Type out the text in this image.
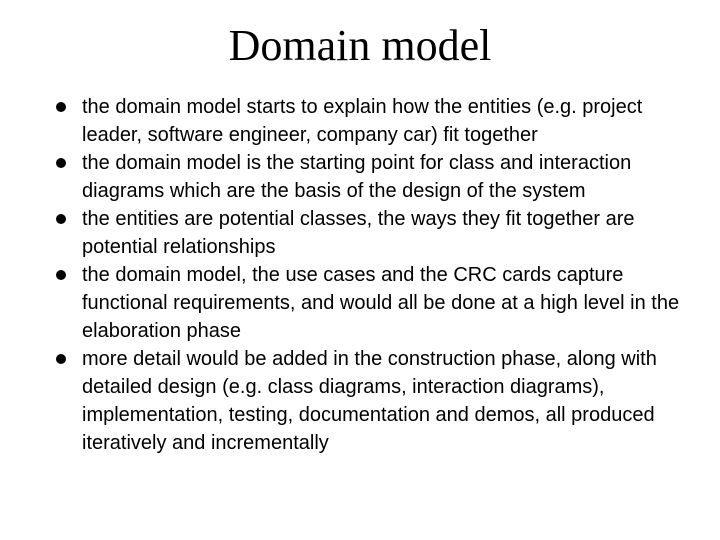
Domain model
the domain model starts to explain how the entities (e.g. project leader, software engineer, company car) fit together
the domain model is the starting point for class and interaction diagrams which are the basis of the design of the system
the entities are potential classes, the ways they fit together are potential relationships
the domain model, the use cases and the CRC cards capture functional requirements, and would all be done at a high level in the elaboration phase
more detail would be added in the construction phase, along with detailed design (e.g. class diagrams, interaction diagrams), implementation, testing, documentation and demos, all produced iteratively and incrementally
